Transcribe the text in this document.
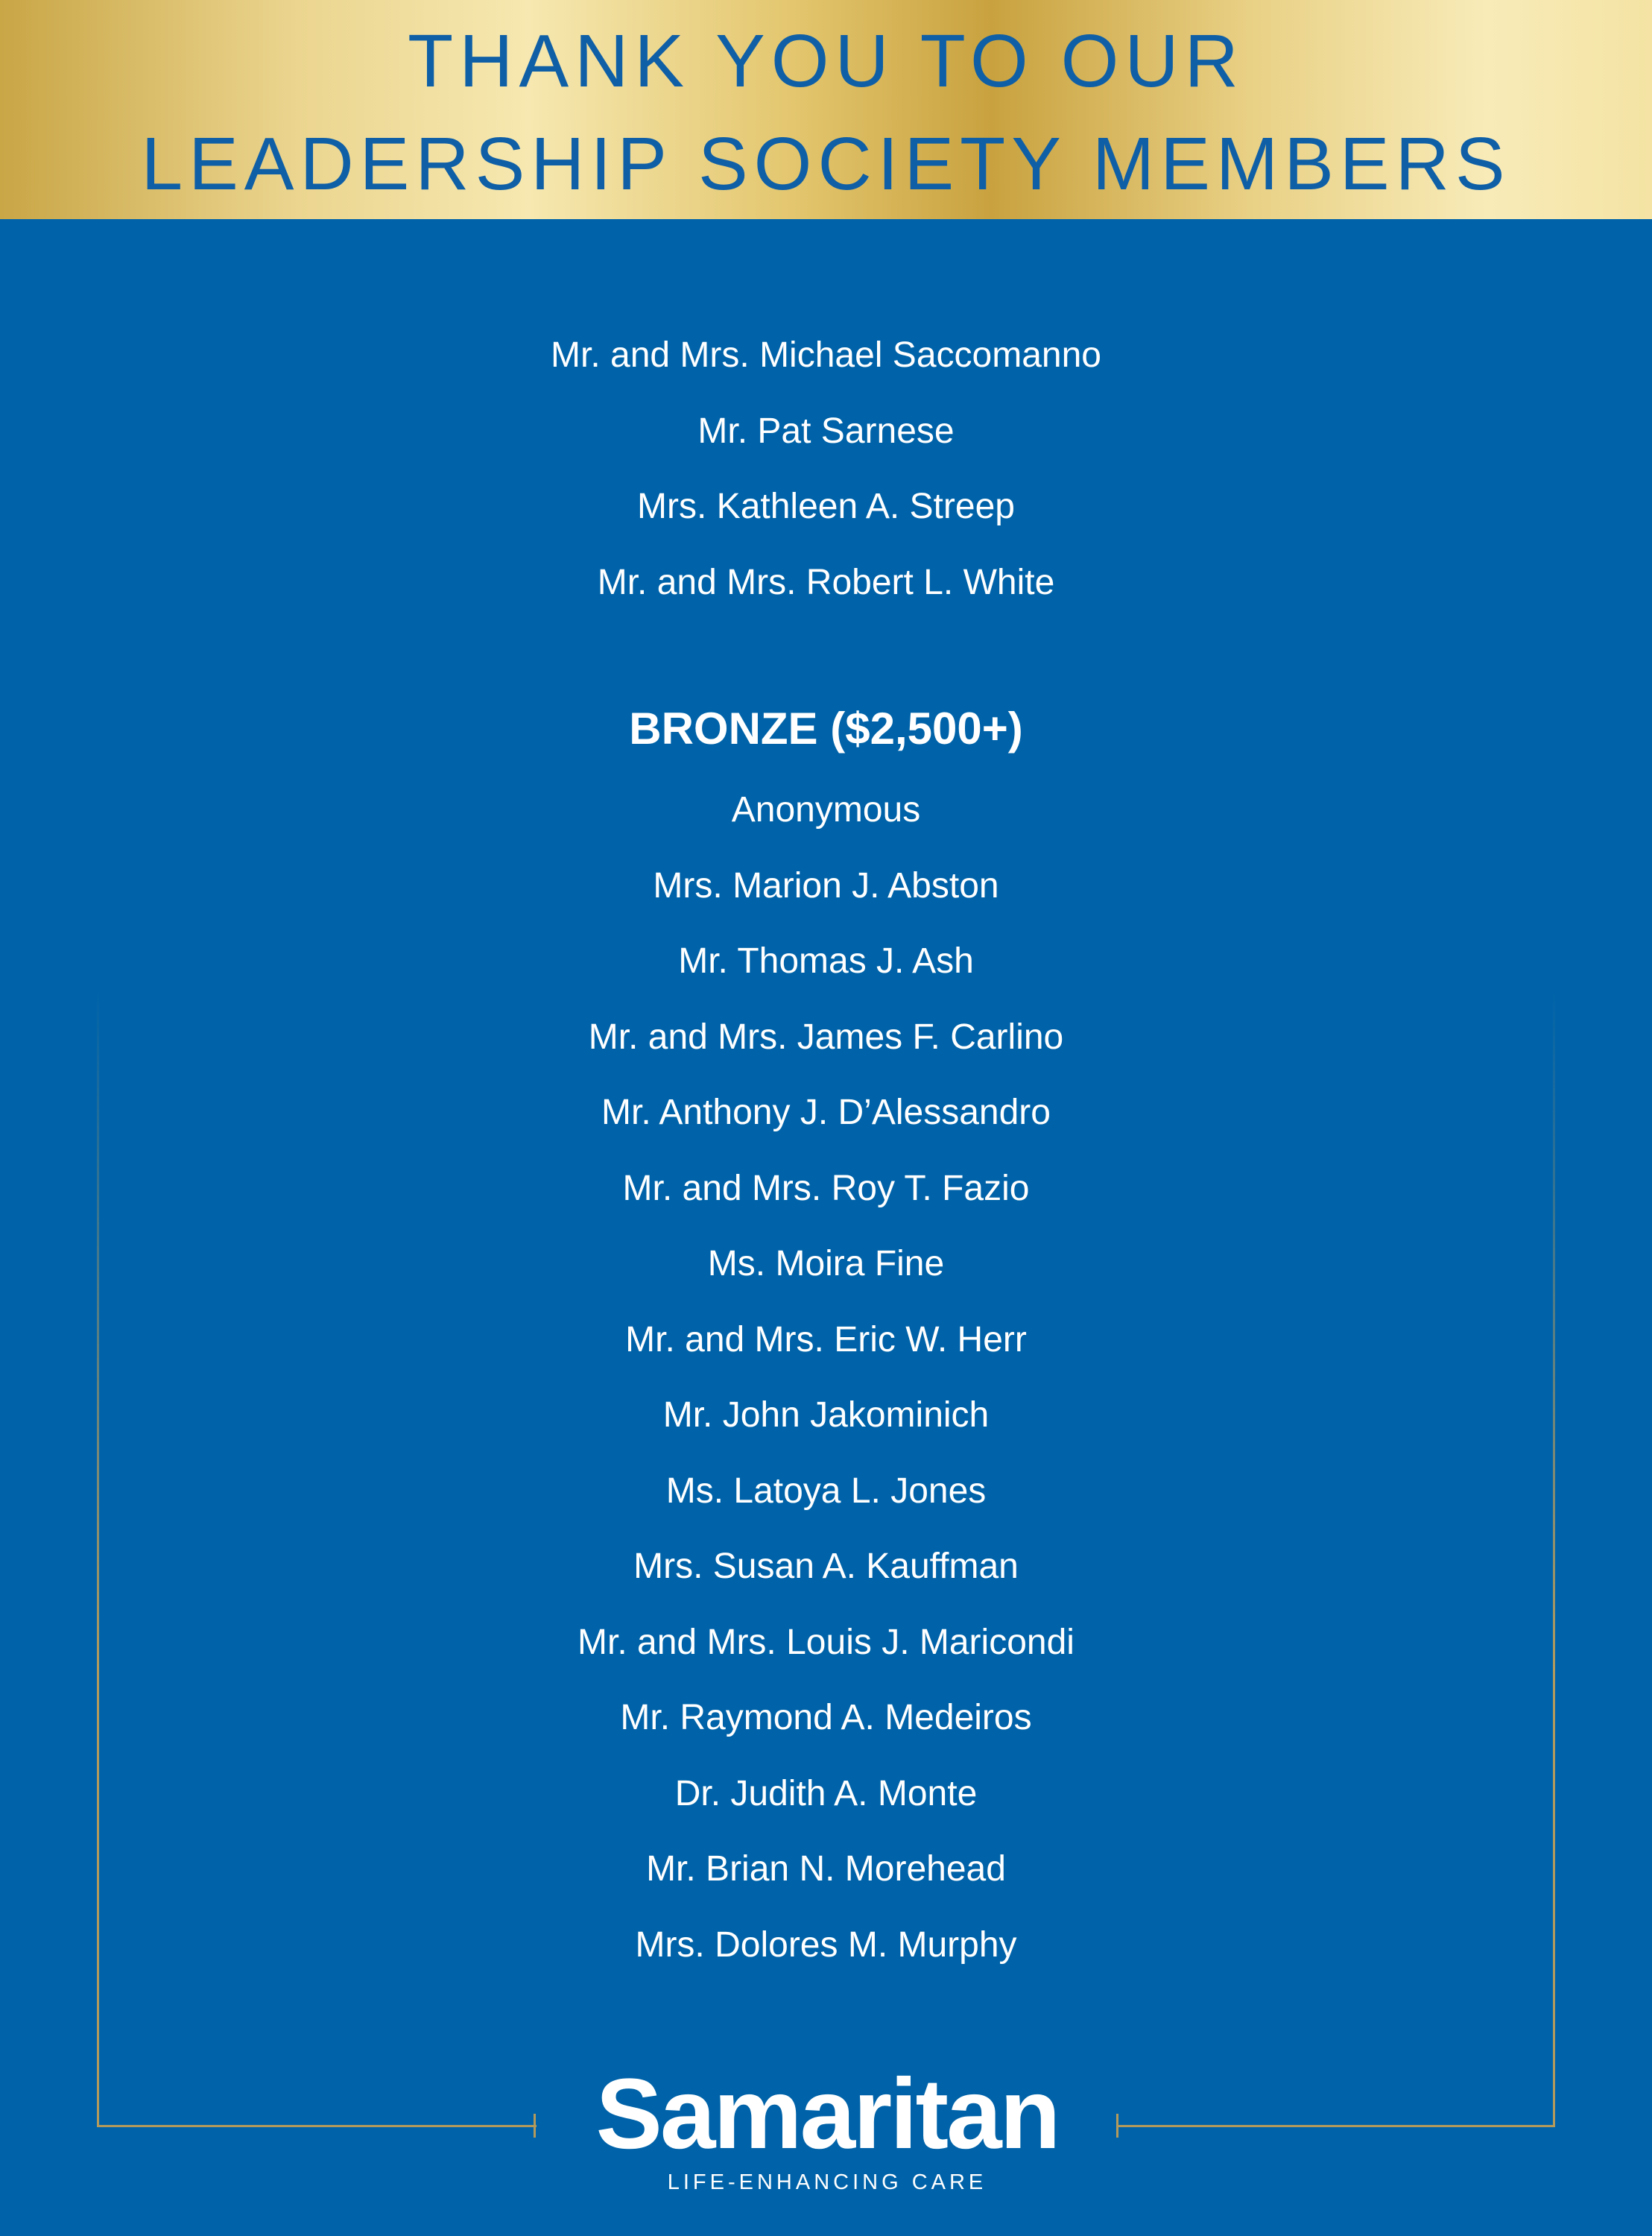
THANK YOU TO OUR
LEADERSHIP SOCIETY MEMBERS
Mr. and Mrs. Michael Saccomanno
Mr. Pat Sarnese
Mrs. Kathleen A. Streep
Mr. and Mrs. Robert L. White
BRONZE ($2,500+)
Anonymous
Mrs. Marion J. Abston
Mr. Thomas J. Ash
Mr. and Mrs. James F. Carlino
Mr. Anthony J. D’Alessandro
Mr. and Mrs. Roy T. Fazio
Ms. Moira Fine
Mr. and Mrs. Eric W. Herr
Mr. John Jakominich
Ms. Latoya L. Jones
Mrs. Susan A. Kauffman
Mr. and Mrs. Louis J. Maricondi
Mr. Raymond A. Medeiros
Dr. Judith A. Monte
Mr. Brian N. Morehead
Mrs. Dolores M. Murphy
Samaritan
LIFE-ENHANCING CARE
